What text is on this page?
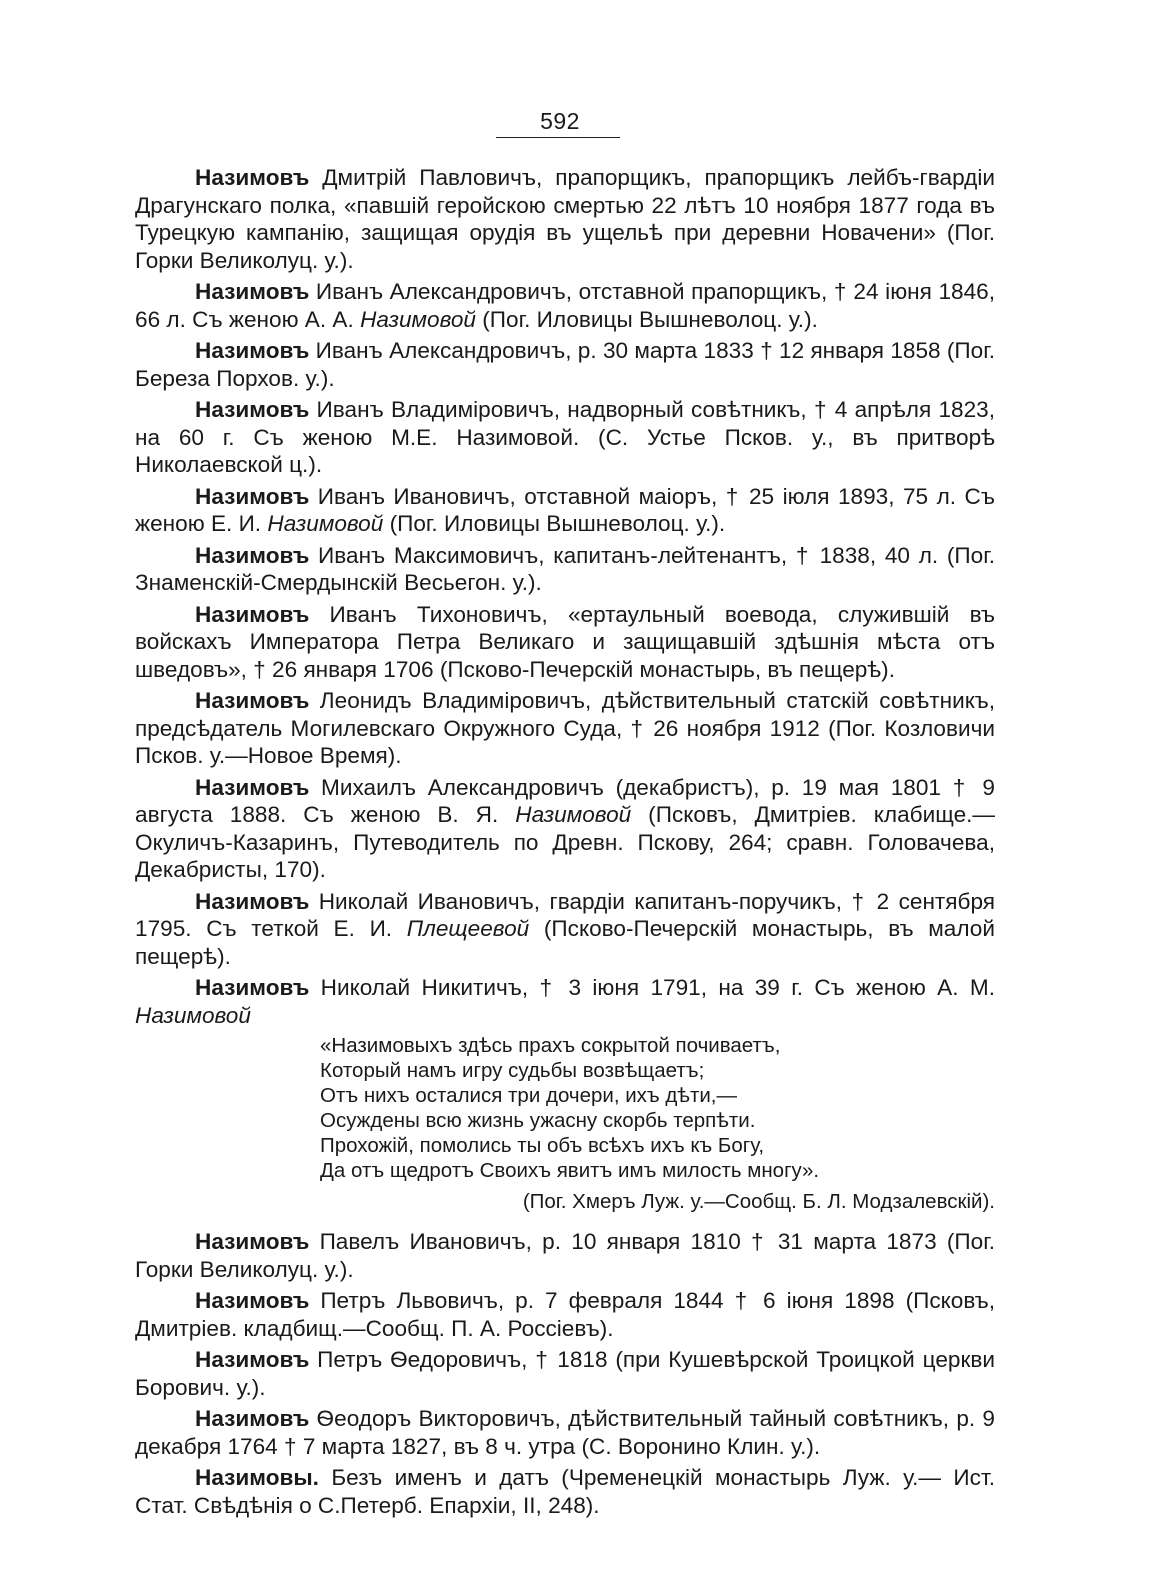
592

Назимовъ Дмитрій Павловичъ, прапорщикъ, прапорщикъ лейбъ-гвардіи Драгунскаго полка, «павшій геройскою смертью 22 лѣтъ 10 ноября 1877 года въ Турецкую кампанію, защищая орудія въ ущельѣ при деревни Новачени» (Пог. Горки Великолуц. у.).

Назимовъ Иванъ Александровичъ, отставной прапорщикъ, † 24 іюня 1846, 66 л. Съ женою А. А. Назимовой (Пог. Иловицы Вышневолоц. у.).

Назимовъ Иванъ Александровичъ, р. 30 марта 1833 † 12 января 1858 (Пог. Береза Порхов. у.).

Назимовъ Иванъ Владиміровичъ, надворный совѣтникъ, † 4 апрѣля 1823, на 60 г. Съ женою М.Е. Назимовой. (С. Устье Псков. у., въ притворѣ Николаевской ц.).

Назимовъ Иванъ Ивановичъ, отставной маіоръ, † 25 іюля 1893, 75 л. Съ женою Е. И. Назимовой (Пог. Иловицы Вышневолоц. у.).

Назимовъ Иванъ Максимовичъ, капитанъ-лейтенантъ, † 1838, 40 л. (Пог. Знаменскій-Смердынскій Весьегон. у.).

Назимовъ Иванъ Тихоновичъ, «ертаульный воевода, служившій въ войскахъ Императора Петра Великаго и защищавшій здѣшнія мѣста отъ шведовъ», † 26 января 1706 (Псково-Печерскій монастырь, въ пещерѣ).

Назимовъ Леонидъ Владиміровичъ, дѣйствительный статскій совѣтникъ, предсѣдатель Могилевскаго Окружного Суда, † 26 ноября 1912 (Пог. Козловичи Псков. у.—Новое Время).

Назимовъ Михаилъ Александровичъ (декабристъ), р. 19 мая 1801 † 9 августа 1888. Съ женою В. Я. Назимовой (Псковъ, Дмитріев. клабище.— Окуличъ-Казаринъ, Путеводитель по Древн. Пскову, 264; сравн. Головачева, Декабристы, 170).

Назимовъ Николай Ивановичъ, гвардіи капитанъ-поручикъ, † 2 сентября 1795. Съ теткой Е. И. Плещеевой (Псково-Печерскій монастырь, въ малой пещерѣ).

Назимовъ Николай Никитичъ, † 3 іюня 1791, на 39 г. Съ женою А. М. Назимовой

«Назимовыхъ здѣсь прахъ сокрытой почиваетъ,
Который намъ игру судьбы возвѣщаетъ;
Отъ нихъ осталися три дочери, ихъ дѣти,—
Осуждены всю жизнь ужасну скорбь терпѣти.
Прохожій, помолись ты объ всѣхъ ихъ къ Богу,
Да отъ щедротъ Своихъ явитъ имъ милость многу».
(Пог. Хмеръ Луж. у.—Сообщ. Б. Л. Модзалевскій).

Назимовъ Павелъ Ивановичъ, р. 10 января 1810 † 31 марта 1873 (Пог. Горки Великолуц. у.).

Назимовъ Петръ Львовичъ, р. 7 февраля 1844 † 6 іюня 1898 (Псковъ, Дмитріев. кладбищ.—Сообщ. П. А. Россіевъ).

Назимовъ Петръ Ѳедоровичъ, † 1818 (при Кушевѣрской Троицкой церкви Борович. у.).

Назимовъ Ѳеодоръ Викторовичъ, дѣйствительный тайный совѣтникъ, р. 9 декабря 1764 † 7 марта 1827, въ 8 ч. утра (С. Воронино Клин. у.).

Назимовы. Безъ именъ и датъ (Чременецкій монастырь Луж. у.— Ист. Стат. Свѣдѣнія о С.Петерб. Епархіи, II, 248).
